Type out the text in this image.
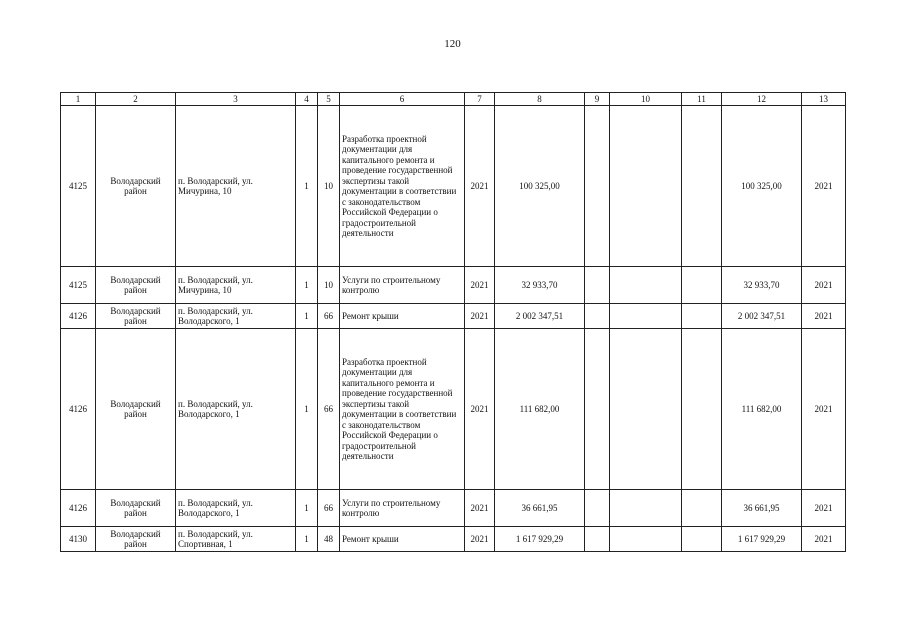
120
1	2	3	4	5	6	7	8	9	10	11	12	13
4125	Володарский район	п. Володарский, ул. Мичурина, 10	1	10	Разработка проектной документации для капитального ремонта и проведение государственной экспертизы такой документации в соответствии с законодательством Российской Федерации о градостроительной деятельности	2021	100 325,00				100 325,00	2021
4125	Володарский район	п. Володарский, ул. Мичурина, 10	1	10	Услуги по строительному контролю	2021	32 933,70				32 933,70	2021
4126	Володарский район	п. Володарский, ул. Володарского, 1	1	66	Ремонт крыши	2021	2 002 347,51				2 002 347,51	2021
4126	Володарский район	п. Володарский, ул. Володарского, 1	1	66	Разработка проектной документации для капитального ремонта и проведение государственной экспертизы такой документации в соответствии с законодательством Российской Федерации о градостроительной деятельности	2021	111 682,00				111 682,00	2021
4126	Володарский район	п. Володарский, ул. Володарского, 1	1	66	Услуги по строительному контролю	2021	36 661,95				36 661,95	2021
4130	Володарский район	п. Володарский, ул. Спортивная, 1	1	48	Ремонт крыши	2021	1 617 929,29				1 617 929,29	2021
